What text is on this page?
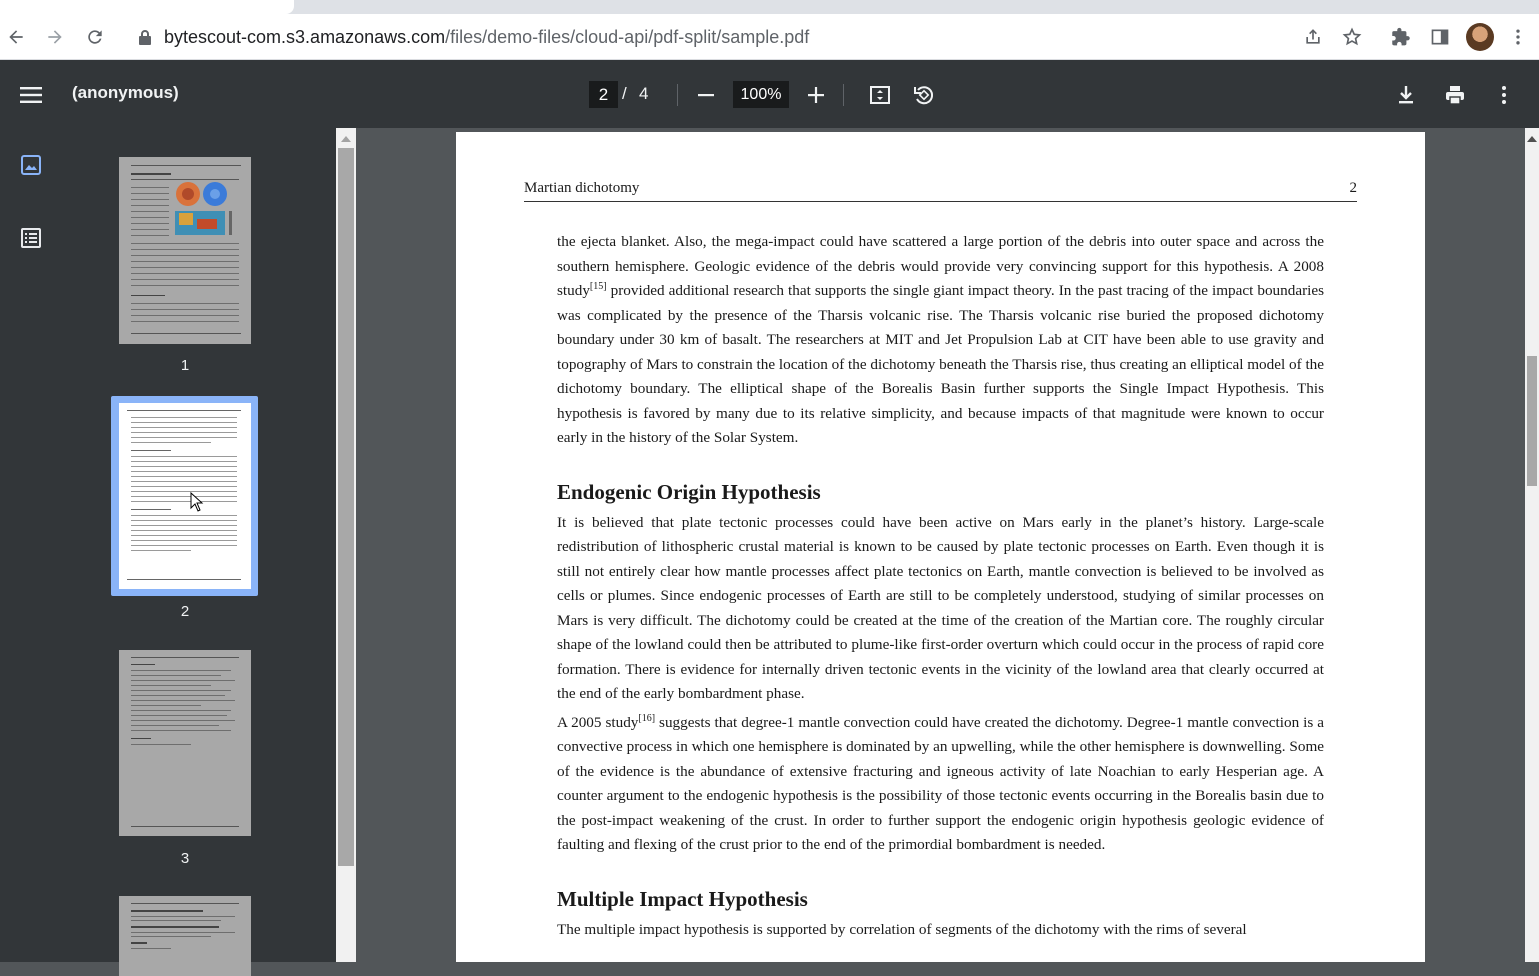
bytescout-com.s3.amazonaws.com/files/demo-files/cloud-api/pdf-split/sample.pdf
(anonymous)	2 / 4	100%
1
2
3
Martian dichotomy	2

the ejecta blanket. Also, the mega-impact could have scattered a large portion of the debris into outer space and across the southern hemisphere. Geologic evidence of the debris would provide very convincing support for this hypothesis. A 2008 study[15] provided additional research that supports the single giant impact theory. In the past tracing of the impact boundaries was complicated by the presence of the Tharsis volcanic rise. The Tharsis volcanic rise buried the proposed dichotomy boundary under 30 km of basalt. The researchers at MIT and Jet Propulsion Lab at CIT have been able to use gravity and topography of Mars to constrain the location of the dichotomy beneath the Tharsis rise, thus creating an elliptical model of the dichotomy boundary. The elliptical shape of the Borealis Basin further supports the Single Impact Hypothesis. This hypothesis is favored by many due to its relative simplicity, and because impacts of that magnitude were known to occur early in the history of the Solar System.

Endogenic Origin Hypothesis

It is believed that plate tectonic processes could have been active on Mars early in the planet’s history. Large-scale redistribution of lithospheric crustal material is known to be caused by plate tectonic processes on Earth. Even though it is still not entirely clear how mantle processes affect plate tectonics on Earth, mantle convection is believed to be involved as cells or plumes. Since endogenic processes of Earth are still to be completely understood, studying of similar processes on Mars is very difficult. The dichotomy could be created at the time of the creation of the Martian core. The roughly circular shape of the lowland could then be attributed to plume-like first-order overturn which could occur in the process of rapid core formation. There is evidence for internally driven tectonic events in the vicinity of the lowland area that clearly occurred at the end of the early bombardment phase.

A 2005 study[16] suggests that degree-1 mantle convection could have created the dichotomy. Degree-1 mantle convection is a convective process in which one hemisphere is dominated by an upwelling, while the other hemisphere is downwelling. Some of the evidence is the abundance of extensive fracturing and igneous activity of late Noachian to early Hesperian age. A counter argument to the endogenic hypothesis is the possibility of those tectonic events occurring in the Borealis basin due to the post-impact weakening of the crust. In order to further support the endogenic origin hypothesis geologic evidence of faulting and flexing of the crust prior to the end of the primordial bombardment is needed.

Multiple Impact Hypothesis

The multiple impact hypothesis is supported by correlation of segments of the dichotomy with the rims of several
